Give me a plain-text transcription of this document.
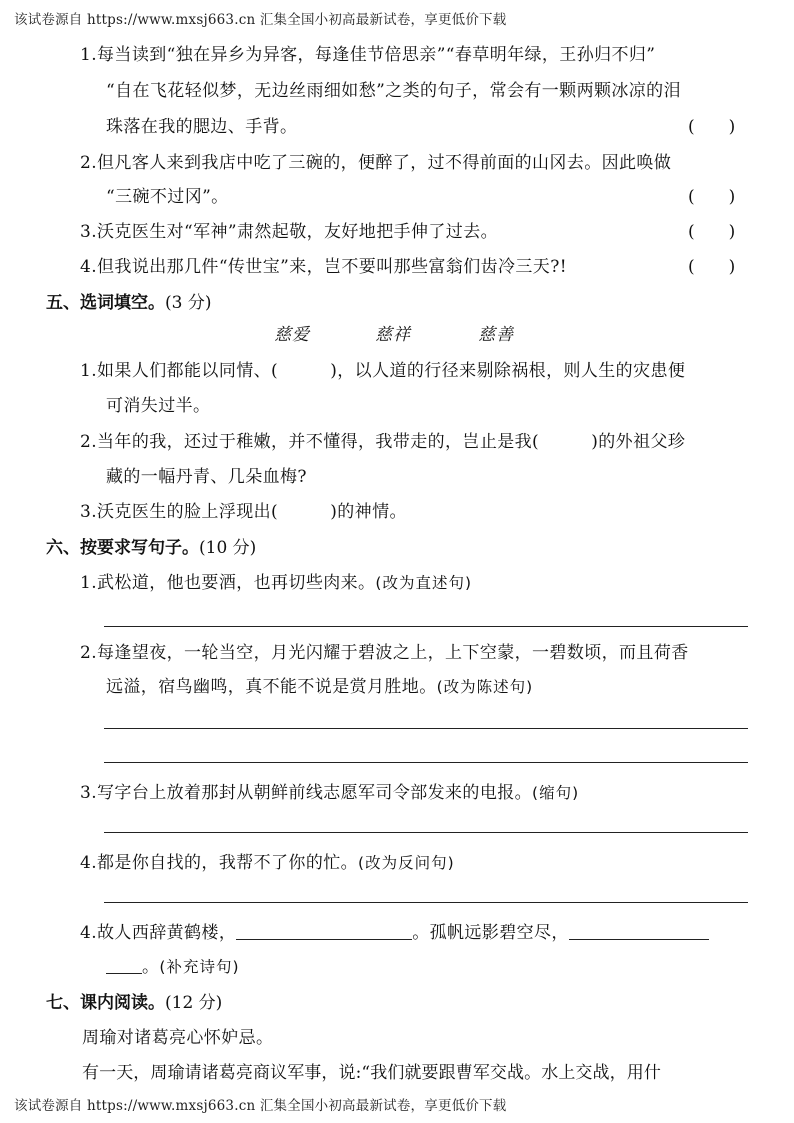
该试卷源自 https://www.mxsj663.cn 汇集全国小初高最新试卷，享更低价下载
1.每当读到“独在异乡为异客，每逢佳节倍思亲”“春草明年绿，王孙归不归”
“自在飞花轻似梦，无边丝雨细如愁”之类的句子，常会有一颗两颗冰凉的泪
珠落在我的腮边、手背。	(　　)
2.但凡客人来到我店中吃了三碗的，便醉了，过不得前面的山冈去。因此唤做
“三碗不过冈”。	(　　)
3.沃克医生对“军神”肃然起敬，友好地把手伸了过去。	(　　)
4.但我说出那几件“传世宝”来，岂不要叫那些富翁们齿冷三天?!	(　　)
五、选词填空。(3 分)
慈爱	慈祥	慈善
1.如果人们都能以同情、(　　　)，以人道的行径来剔除祸根，则人生的灾患便
可消失过半。
2.当年的我，还过于稚嫩，并不懂得，我带走的，岂止是我(　　　)的外祖父珍
藏的一幅丹青、几朵血梅?
3.沃克医生的脸上浮现出(　　　)的神情。
六、按要求写句子。(10 分)
1.武松道，他也要酒，也再切些肉来。(改为直述句)
2.每逢望夜，一轮当空，月光闪耀于碧波之上，上下空蒙，一碧数顷，而且荷香
远溢，宿鸟幽鸣，真不能不说是赏月胜地。(改为陈述句)
3.写字台上放着那封从朝鲜前线志愿军司令部发来的电报。(缩句)
4.都是你自找的，我帮不了你的忙。(改为反问句)
4.故人西辞黄鹤楼，	。孤帆远影碧空尽，
。(补充诗句)
七、课内阅读。(12 分)
周瑜对诸葛亮心怀妒忌。
有一天，周瑜请诸葛亮商议军事，说:“我们就要跟曹军交战。水上交战，用什
该试卷源自 https://www.mxsj663.cn 汇集全国小初高最新试卷，享更低价下载
